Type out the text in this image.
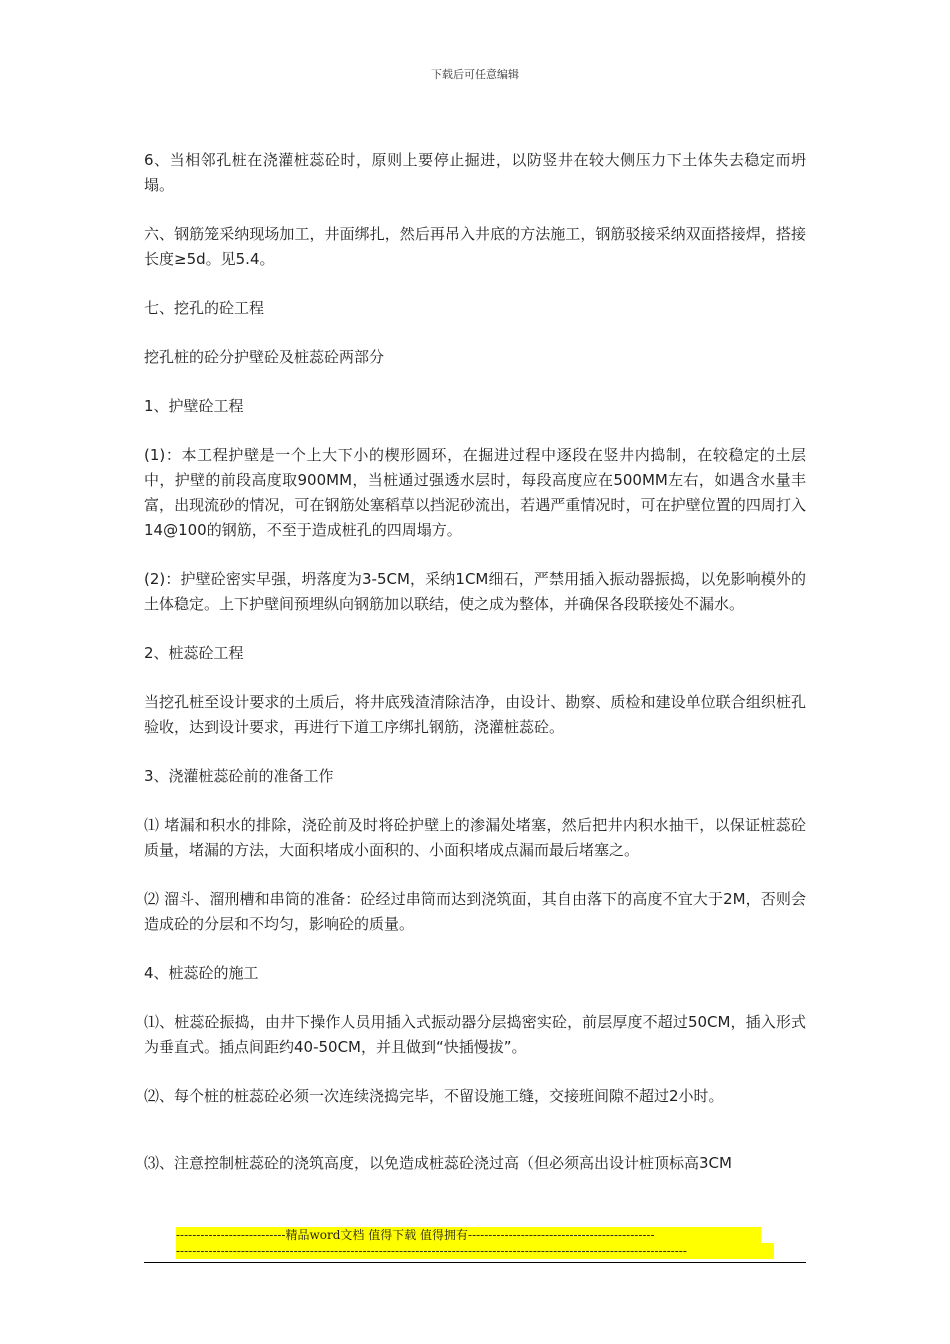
下载后可任意编辑

6、当相邻孔桩在浇灌桩蕊砼时，原则上要停止掘进，以防竖井在较大侧压力下土体失去稳定而坍塌。

六、钢筋笼采纳现场加工，井面绑扎，然后再吊入井底的方法施工，钢筋驳接采纳双面搭接焊，搭接长度≥5d。见5.4。

七、挖孔的砼工程

挖孔桩的砼分护壁砼及桩蕊砼两部分

1、护壁砼工程

(1)：本工程护壁是一个上大下小的楔形圆环，在掘进过程中逐段在竖井内捣制，在较稳定的土层中，护壁的前段高度取900MM，当桩通过强透水层时，每段高度应在500MM左右，如遇含水量丰富，出现流砂的情况，可在钢筋处塞稻草以挡泥砂流出，若遇严重情况时，可在护壁位置的四周打入14@100的钢筋，不至于造成桩孔的四周塌方。

(2)：护壁砼密实早强，坍落度为3-5CM，采纳1CM细石，严禁用插入振动器振捣，以免影响模外的土体稳定。上下护壁间预埋纵向钢筋加以联结，使之成为整体，并确保各段联接处不漏水。

2、桩蕊砼工程

当挖孔桩至设计要求的土质后，将井底残渣清除洁净，由设计、勘察、质检和建设单位联合组织桩孔验收，达到设计要求，再进行下道工序绑扎钢筋，浇灌桩蕊砼。

3、浇灌桩蕊砼前的准备工作

⑴ 堵漏和积水的排除，浇砼前及时将砼护壁上的渗漏处堵塞，然后把井内积水抽干，以保证桩蕊砼质量，堵漏的方法，大面积堵成小面积的、小面积堵成点漏而最后堵塞之。

⑵ 溜斗、溜刑槽和串筒的准备：砼经过串筒而达到浇筑面，其自由落下的高度不宜大于2M，否则会造成砼的分层和不均匀，影响砼的质量。

4、桩蕊砼的施工

⑴、桩蕊砼振捣，由井下操作人员用插入式振动器分层捣密实砼，前层厚度不超过50CM，插入形式为垂直式。插点间距约40-50CM，并且做到“快插慢拔”。

⑵、每个桩的桩蕊砼必须一次连续浇捣完毕，不留设施工缝，交接班间隙不超过2小时。

⑶、注意控制桩蕊砼的浇筑高度，以免造成桩蕊砼浇过高（但必须高出设计桩顶标高3CM

---------------------------精品word文档 值得下载 值得拥有----------------------------------------------
------------------------------------------------------------------------------------------------------------------------------
